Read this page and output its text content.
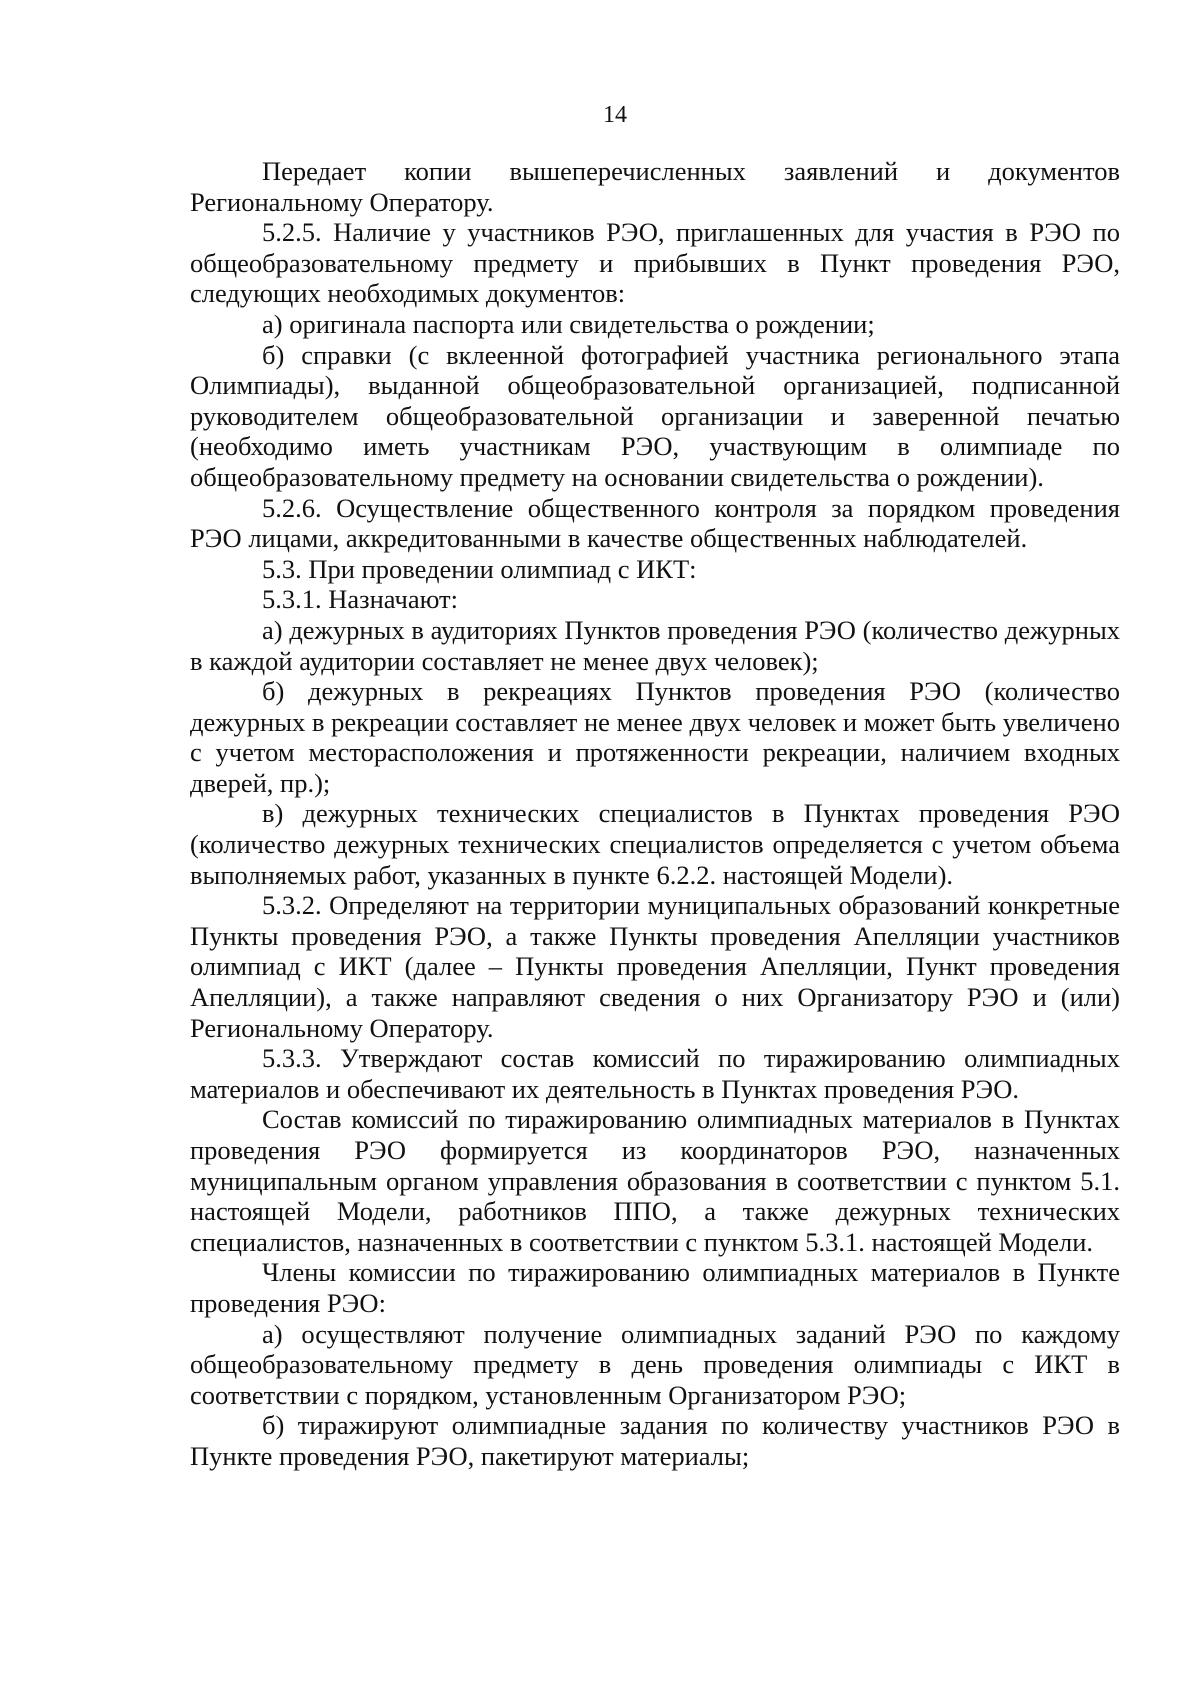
14

Передает копии вышеперечисленных заявлений и документов Региональному Оператору.

5.2.5. Наличие у участников РЭО, приглашенных для участия в РЭО по общеобразовательному предмету и прибывших в Пункт проведения РЭО, следующих необходимых документов:

а) оригинала паспорта или свидетельства о рождении;

б) справки (с вклеенной фотографией участника регионального этапа Олимпиады), выданной общеобразовательной организацией, подписанной руководителем общеобразовательной организации и заверенной печатью (необходимо иметь участникам РЭО, участвующим в олимпиаде по общеобразовательному предмету на основании свидетельства о рождении).

5.2.6. Осуществление общественного контроля за порядком проведения РЭО лицами, аккредитованными в качестве общественных наблюдателей.

5.3. При проведении олимпиад с ИКТ:

5.3.1. Назначают:

а) дежурных в аудиториях Пунктов проведения РЭО (количество дежурных в каждой аудитории составляет не менее двух человек);

б) дежурных в рекреациях Пунктов проведения РЭО (количество дежурных в рекреации составляет не менее двух человек и может быть увеличено с учетом месторасположения и протяженности рекреации, наличием входных дверей, пр.);

в) дежурных технических специалистов в Пунктах проведения РЭО (количество дежурных технических специалистов определяется с учетом объема выполняемых работ, указанных в пункте 6.2.2. настоящей Модели).

5.3.2. Определяют на территории муниципальных образований конкретные Пункты проведения РЭО, а также Пункты проведения Апелляции участников олимпиад с ИКТ (далее – Пункты проведения Апелляции, Пункт проведения Апелляции), а также направляют сведения о них Организатору РЭО и (или) Региональному Оператору.

5.3.3. Утверждают состав комиссий по тиражированию олимпиадных материалов и обеспечивают их деятельность в Пунктах проведения РЭО.

Состав комиссий по тиражированию олимпиадных материалов в Пунктах проведения РЭО формируется из координаторов РЭО, назначенных муниципальным органом управления образования в соответствии с пунктом 5.1. настоящей Модели, работников ППО, а также дежурных технических специалистов, назначенных в соответствии с пунктом 5.3.1. настоящей Модели.

Члены комиссии по тиражированию олимпиадных материалов в Пункте проведения РЭО:

а) осуществляют получение олимпиадных заданий РЭО по каждому общеобразовательному предмету в день проведения олимпиады с ИКТ в соответствии с порядком, установленным Организатором РЭО;

б) тиражируют олимпиадные задания по количеству участников РЭО в Пункте проведения РЭО, пакетируют материалы;
